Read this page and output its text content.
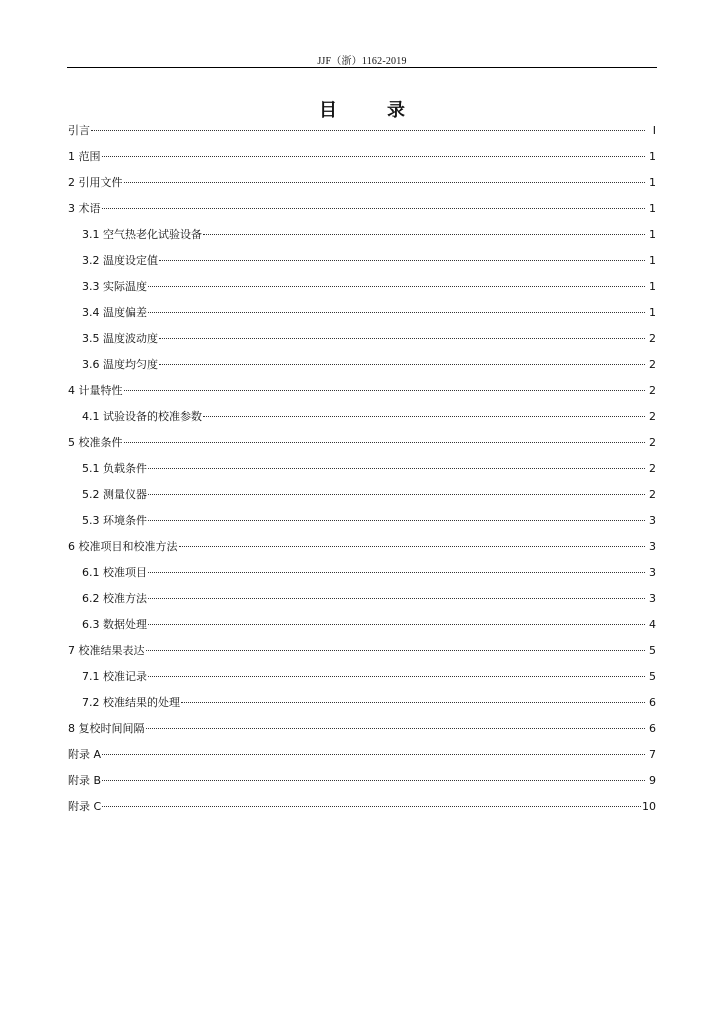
JJF（浙）1162-2019
目	录
引言	I
1 范围	1
2 引用文件	1
3 术语	1
3.1 空气热老化试验设备	1
3.2 温度设定值	1
3.3 实际温度	1
3.4 温度偏差	1
3.5 温度波动度	2
3.6 温度均匀度	2
4 计量特性	2
4.1 试验设备的校准参数	2
5 校准条件	2
5.1 负载条件	2
5.2 测量仪器	2
5.3 环境条件	3
6 校准项目和校准方法	3
6.1 校准项目	3
6.2 校准方法	3
6.3 数据处理	4
7 校准结果表达	5
7.1 校准记录	5
7.2 校准结果的处理	6
8 复校时间间隔	6
附录 A	7
附录 B	9
附录 C	10
